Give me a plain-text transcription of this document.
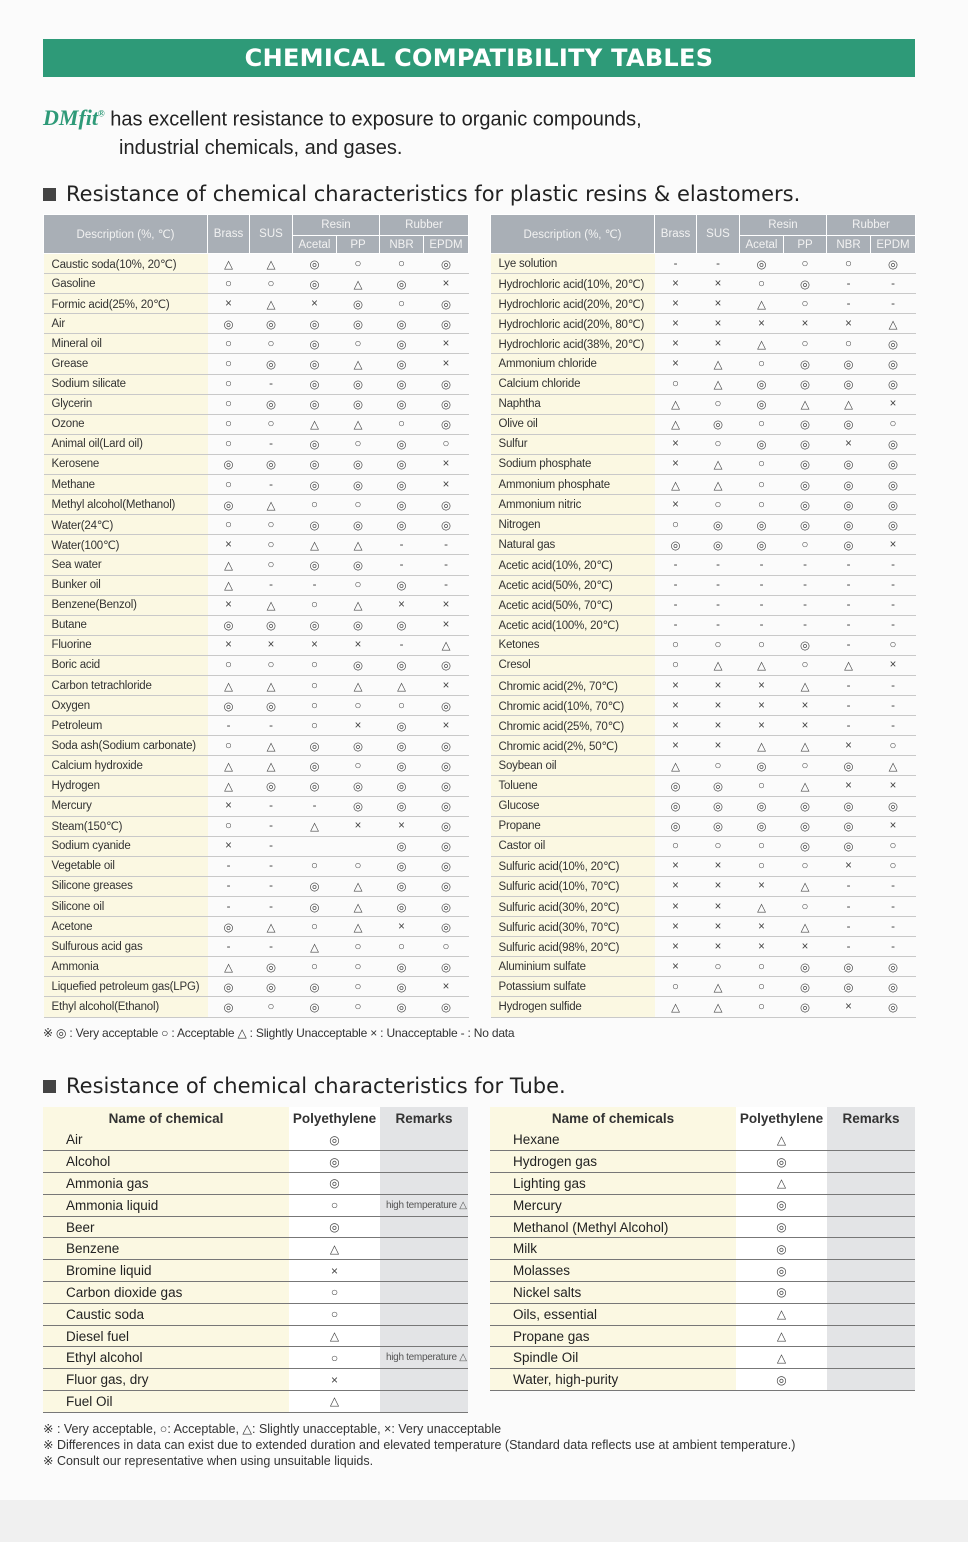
CHEMICAL COMPATIBILITY TABLES
DMfit® has excellent resistance to exposure to organic compounds,
industrial chemicals, and gases.
Resistance of chemical characteristics for plastic resins & elastomers.
Description (%, ℃)	Brass	SUS	Resin		Rubber	
			Acetal	PP	NBR	EPDM
Caustic soda(10%, 20℃)	△	△	◎	○	○	◎
Gasoline	○	○	◎	△	◎	×
Formic acid(25%, 20℃)	×	△	×	◎	○	◎
Air	◎	◎	◎	◎	◎	◎
Mineral oil	○	○	◎	○	◎	×
Grease	○	◎	◎	△	◎	×
Sodium silicate	○	-	◎	◎	◎	◎
Glycerin	○	◎	◎	◎	◎	◎
Ozone	○	○	△	△	○	◎
Animal oil(Lard oil)	○	-	◎	○	◎	○
Kerosene	◎	◎	◎	◎	◎	×
Methane	○	-	◎	◎	◎	×
Methyl alcohol(Methanol)	◎	△	○	○	◎	◎
Water(24℃)	○	○	◎	◎	◎	◎
Water(100℃)	×	○	△	△	-	-
Sea water	△	○	◎	◎	-	-
Bunker oil	△	-	-	○	◎	-
Benzene(Benzol)	×	△	○	△	×	×
Butane	◎	◎	◎	◎	◎	×
Fluorine	×	×	×	×	-	△
Boric acid	○	○	○	◎	◎	◎
Carbon tetrachloride	△	△	○	△	△	×
Oxygen	◎	◎	○	○	○	◎
Petroleum	-	-	○	×	◎	×
Soda ash(Sodium carbonate)	○	△	◎	◎	◎	◎
Calcium hydroxide	△	△	◎	○	◎	◎
Hydrogen	△	◎	◎	◎	◎	◎
Mercury	×	-	-	◎	◎	◎
Steam(150℃)	○	-	△	×	×	◎
Sodium cyanide	×	-			◎	◎
Vegetable oil	-	-	○	○	◎	◎
Silicone greases	-	-	◎	△	◎	◎
Silicone oil	-	-	◎	△	◎	◎
Acetone	◎	△	○	△	×	◎
Sulfurous acid gas	-	-	△	○	○	○
Ammonia	△	◎	○	○	◎	◎
Liquefied petroleum gas(LPG)	◎	◎	◎	○	◎	×
Ethyl alcohol(Ethanol)	◎	○	◎	○	◎	◎
Description (%, ℃)	Brass	SUS	Resin		Rubber	
			Acetal	PP	NBR	EPDM
Lye solution	-	-	◎	○	○	◎
Hydrochloric acid(10%, 20℃)	×	×	○	◎	-	-
Hydrochloric acid(20%, 20℃)	×	×	△	○	-	-
Hydrochloric acid(20%, 80℃)	×	×	×	×	×	△
Hydrochloric acid(38%, 20℃)	×	×	△	○	○	◎
Ammonium chloride	×	△	○	◎	◎	◎
Calcium chloride	○	△	◎	◎	◎	◎
Naphtha	△	○	◎	△	△	×
Olive oil	△	◎	○	◎	◎	○
Sulfur	×	○	◎	◎	×	◎
Sodium phosphate	×	△	○	◎	◎	◎
Ammonium phosphate	△	△	○	◎	◎	◎
Ammonium nitric	×	○	○	◎	◎	◎
Nitrogen	○	◎	◎	◎	◎	◎
Natural gas	◎	◎	◎	○	◎	×
Acetic acid(10%, 20℃)	-	-	-	-	-	-
Acetic acid(50%, 20℃)	-	-	-	-	-	-
Acetic acid(50%, 70℃)	-	-	-	-	-	-
Acetic acid(100%, 20℃)	-	-	-	-	-	-
Ketones	○	○	○	◎	-	○
Cresol	○	△	△	○	△	×
Chromic acid(2%, 70℃)	×	×	×	△	-	-
Chromic acid(10%, 70℃)	×	×	×	×	-	-
Chromic acid(25%, 70℃)	×	×	×	×	-	-
Chromic acid(2%, 50℃)	×	×	△	△	×	○
Soybean oil	△	○	◎	○	◎	△
Toluene	◎	◎	○	△	×	×
Glucose	◎	◎	◎	◎	◎	◎
Propane	◎	◎	◎	◎	◎	×
Castor oil	○	○	○	◎	◎	○
Sulfuric acid(10%, 20℃)	×	×	○	○	×	○
Sulfuric acid(10%, 70℃)	×	×	×	△	-	-
Sulfuric acid(30%, 20℃)	×	×	△	○	-	-
Sulfuric acid(30%, 70℃)	×	×	×	△	-	-
Sulfuric acid(98%, 20℃)	×	×	×	×	-	-
Aluminium sulfate	×	○	○	◎	◎	◎
Potassium sulfate	○	△	○	◎	◎	◎
Hydrogen sulfide	△	△	○	◎	×	◎
※ ◎ : Very acceptable ○ : Acceptable △ : Slightly Unacceptable × : Unacceptable - : No data
Resistance of chemical characteristics for Tube.
Name of chemical	Polyethylene	Remarks
Air	◎	
Alcohol	◎	
Ammonia gas	◎	
Ammonia liquid	○	high temperature △
Beer	◎	
Benzene	△	
Bromine liquid	×	
Carbon dioxide gas	○	
Caustic soda	○	
Diesel fuel	△	
Ethyl alcohol	○	high temperature △
Fluor gas, dry	×	
Fuel Oil	△	
Name of chemicals	Polyethylene	Remarks
Hexane	△	
Hydrogen gas	◎	
Lighting gas	△	
Mercury	◎	
Methanol (Methyl Alcohol)	◎	
Milk	◎	
Molasses	◎	
Nickel salts	◎	
Oils, essential	△	
Propane gas	△	
Spindle Oil	△	
Water, high-purity	◎	
※ : Very acceptable, ○: Acceptable, △: Slightly unacceptable, ×: Very unacceptable
※ Differences in data can exist due to extended duration and elevated temperature (Standard data reflects use at ambient temperature.)
※ Consult our representative when using unsuitable liquids.
